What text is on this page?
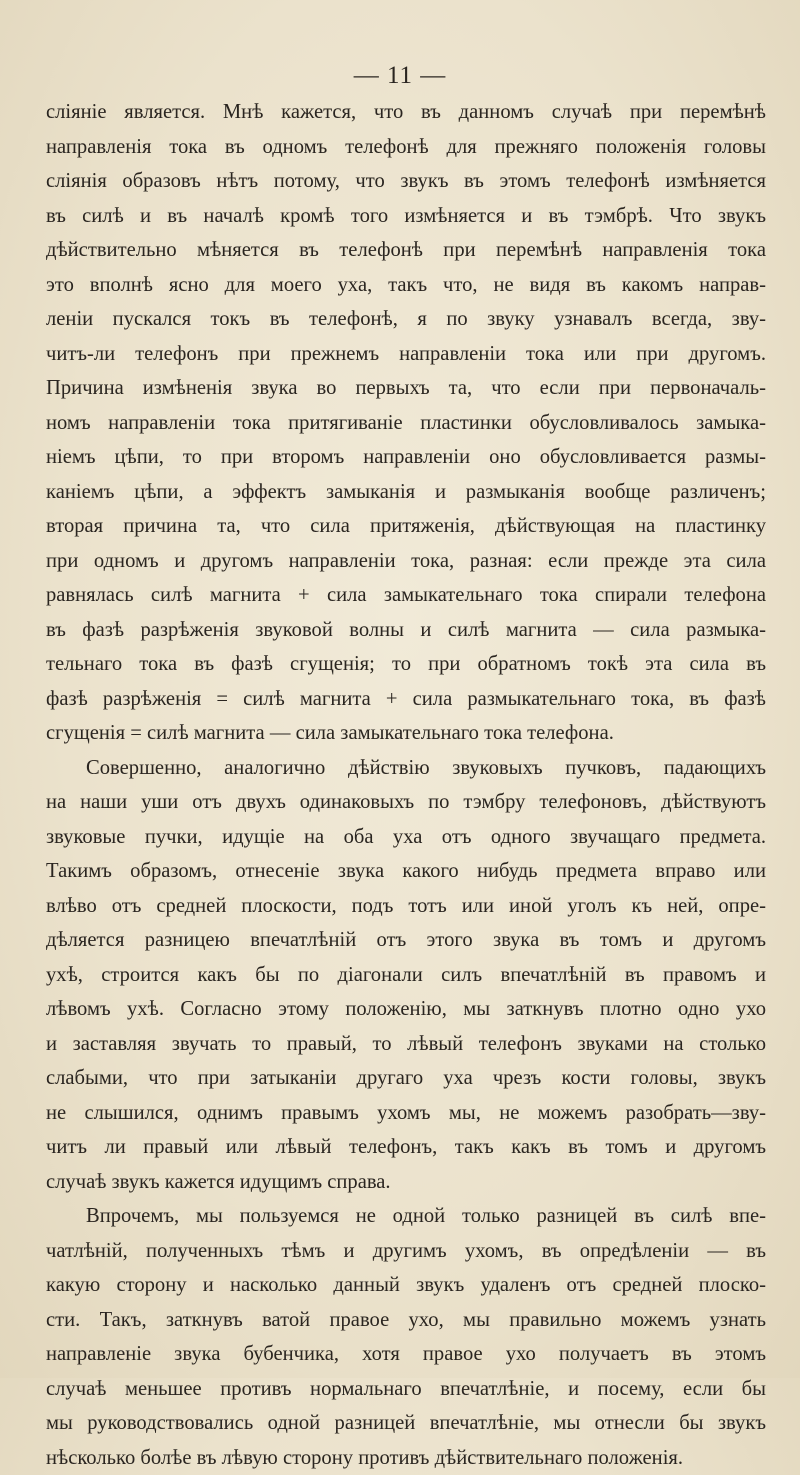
— 11 —
сліяніе является. Мнѣ кажется, что въ данномъ случаѣ при перемѣнѣ
направленія тока въ одномъ телефонѣ для прежняго положенія головы
сліянія образовъ нѣтъ потому, что звукъ въ этомъ телефонѣ измѣняется
въ силѣ и въ началѣ кромѣ того измѣняется и въ тэмбрѣ. Что звукъ
дѣйствительно мѣняется въ телефонѣ при перемѣнѣ направленія тока
это вполнѣ ясно для моего уха, такъ что, не видя въ какомъ направ-
леніи пускался токъ въ телефонѣ, я по звуку узнавалъ всегда, зву-
читъ-ли телефонъ при прежнемъ направленіи тока или при другомъ.
Причина измѣненія звука во первыхъ та, что если при первоначаль-
номъ направленіи тока притягиваніе пластинки обусловливалось замыка-
ніемъ цѣпи, то при второмъ направленіи оно обусловливается размы-
каніемъ цѣпи, а эффектъ замыканія и размыканія вообще различенъ;
вторая причина та, что сила притяженія, дѣйствующая на пластинку
при одномъ и другомъ направленіи тока, разная: если прежде эта сила
равнялась силѣ магнита + сила замыкательнаго тока спирали телефона
въ фазѣ разрѣженія звуковой волны и силѣ магнита — сила размыка-
тельнаго тока въ фазѣ сгущенія; то при обратномъ токѣ эта сила въ
фазѣ разрѣженія = силѣ магнита + сила размыкательнаго тока, въ фазѣ
сгущенія = силѣ магнита — сила замыкательнаго тока телефона.
Совершенно, аналогично дѣйствію звуковыхъ пучковъ, падающихъ
на наши уши отъ двухъ одинаковыхъ по тэмбру телефоновъ, дѣйствуютъ
звуковые пучки, идущіе на оба уха отъ одного звучащаго предмета.
Такимъ образомъ, отнесеніе звука какого нибудь предмета вправо или
влѣво отъ средней плоскости, подъ тотъ или иной уголъ къ ней, опре-
дѣляется разницею впечатлѣній отъ этого звука въ томъ и другомъ
ухѣ, строится какъ бы по діагонали силъ впечатлѣній въ правомъ и
лѣвомъ ухѣ. Согласно этому положенію, мы заткнувъ плотно одно ухо
и заставляя звучать то правый, то лѣвый телефонъ звуками на столько
слабыми, что при затыканіи другаго уха чрезъ кости головы, звукъ
не слышился, однимъ правымъ ухомъ мы, не можемъ разобрать—зву-
читъ ли правый или лѣвый телефонъ, такъ какъ въ томъ и другомъ
случаѣ звукъ кажется идущимъ справа.
Впрочемъ, мы пользуемся не одной только разницей въ силѣ впе-
чатлѣній, полученныхъ тѣмъ и другимъ ухомъ, въ опредѣленіи — въ
какую сторону и насколько данный звукъ удаленъ отъ средней плоско-
сти. Такъ, заткнувъ ватой правое ухо, мы правильно можемъ узнать
направленіе звука бубенчика, хотя правое ухо получаетъ въ этомъ
случаѣ меньшее противъ нормальнаго впечатлѣніе, и посему, если бы
мы руководствовались одной разницей впечатлѣніе, мы отнесли бы звукъ
нѣсколько болѣе въ лѣвую сторону противъ дѣйствительнаго положенія.
